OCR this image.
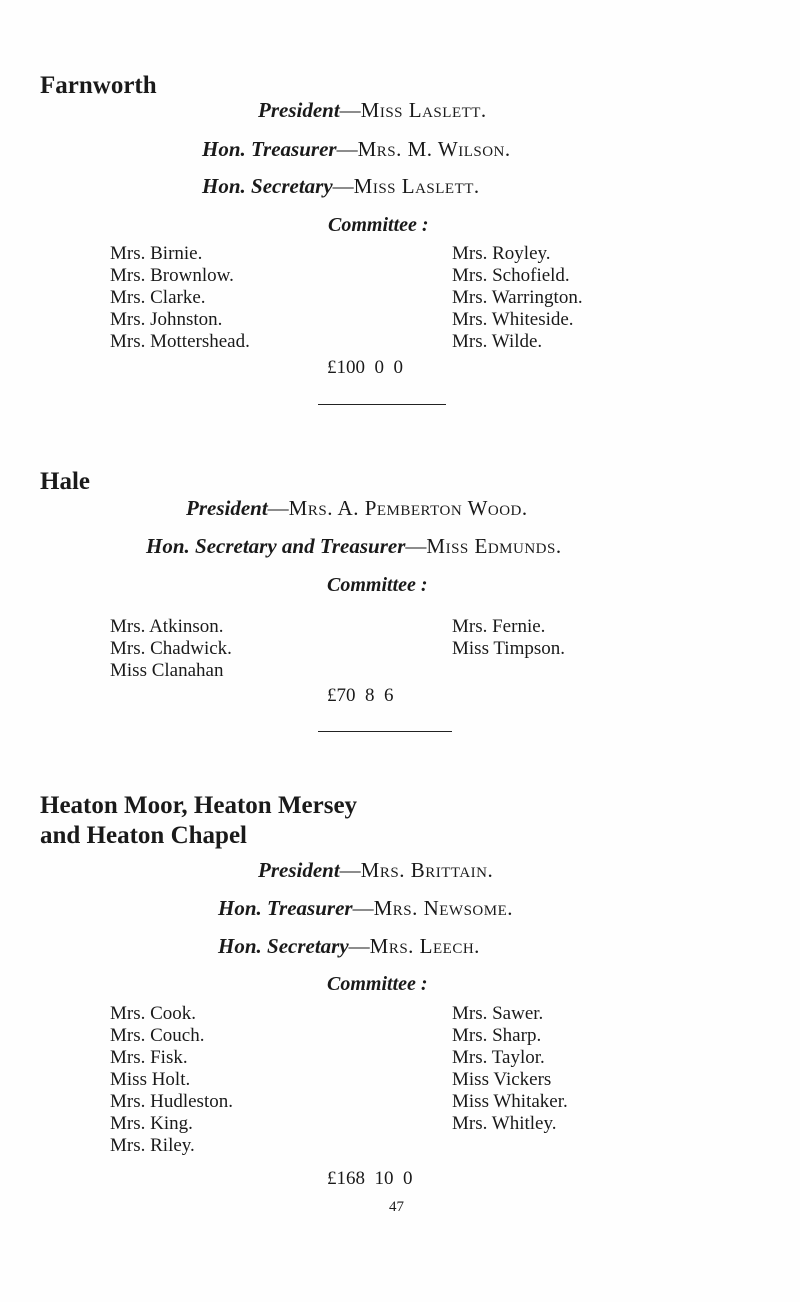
Farnworth
President—Miss Laslett.
Hon. Treasurer—Mrs. M. Wilson.
Hon. Secretary—Miss Laslett.
Committee :
Mrs. Birnie.
Mrs. Brownlow.
Mrs. Clarke.
Mrs. Johnston.
Mrs. Mottershead.
Mrs. Royley.
Mrs. Schofield.
Mrs. Warrington.
Mrs. Whiteside.
Mrs. Wilde.
£100  0  0
Hale
President—Mrs. A. Pemberton Wood.
Hon. Secretary and Treasurer—Miss Edmunds.
Committee :
Mrs. Atkinson.
Mrs. Chadwick.
Miss Clanahan
Mrs. Fernie.
Miss Timpson.
£70  8  6
Heaton Moor, Heaton Mersey
and Heaton Chapel
President—Mrs. Brittain.
Hon. Treasurer—Mrs. Newsome.
Hon. Secretary—Mrs. Leech.
Committee :
Mrs. Cook.
Mrs. Couch.
Mrs. Fisk.
Miss Holt.
Mrs. Hudleston.
Mrs. King.
Mrs. Riley.
Mrs. Sawer.
Mrs. Sharp.
Mrs. Taylor.
Miss Vickers
Miss Whitaker.
Mrs. Whitley.
£168  10  0
47
